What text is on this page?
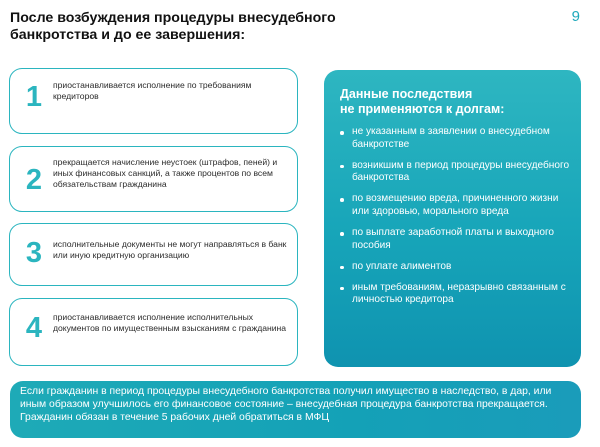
После возбуждения процедуры внесудебного
банкротства и до ее завершения:
9
1	приостанавливается исполнение по требованиям кредиторов
2
прекращается начисление неустоек (штрафов, пеней) и иных финансовых санкций, а также процентов по всем обязательствам гражданина
3	исполнительные документы не могут направляться в банк или иную кредитную организацию
4	приостанавливается исполнение исполнительных документов по имущественным взысканиям с гражданина
Данные последствия
не применяются к долгам:
не указанным в заявлении о внесудебном банкротстве
возникшим в период процедуры внесудебного банкротства
по возмещению вреда, причиненного жизни или здоровью, морального вреда
по выплате заработной платы и выходного пособия
по уплате алиментов
иным требованиям, неразрывно связанным с личностью кредитора

Если гражданин в период процедуры внесудебного банкротства получил имущество в наследство, в дар, или иным образом улучшилось его финансовое состояние – внесудебная процедура банкротства прекращается.
Гражданин обязан в течение 5 рабочих дней обратиться в МФЦ
